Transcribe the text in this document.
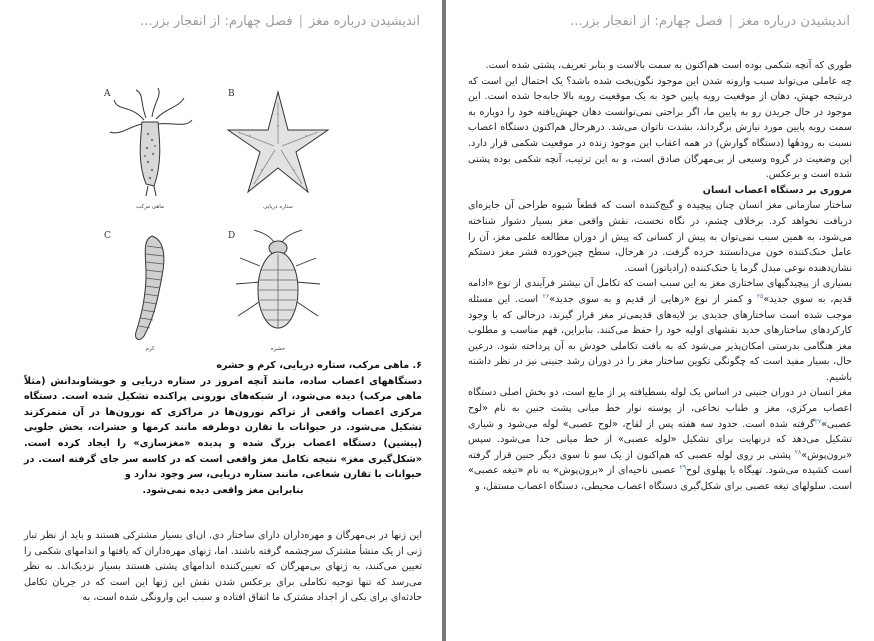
اندیشیدن درباره مغز|فصل چهارم: از انفجار بزر...
A
ماهی مرکب
B
ستاره دریایی
C
کرم
D
حشره
۶. ماهی مرکب، ستاره دریایی، کرم و حشره
دستگاههای اعصاب ساده، مانند آنچه امروز در ستاره دریایی و خویشاوندانش (مثلاً ماهی مرکب) دیده می‌شود، از شبکه‌های نورونی پراکنده تشکیل شده است. دستگاه مرکزی اعصاب واقعی از تراکم نورون‌ها در مراکزی که نورون‌ها در آن متمرکزند تشکیل می‌شود. در حیوانات با تقارن دوطرفه مانند کرمها و حشرات، بخش جلویی (پیشین) دستگاه اعصاب بزرگ شده و پدیده «مغزسازی» را ایجاد کرده است. «شکل‌گیری مغز» نتیجه تکامل مغز واقعی است که در کاسه سر جای گرفته است. در حیوانات با تقارن شعاعی، مانند ستاره دریایی، سر وجود ندارد و
بنابراین مغز واقعی دیده نمی‌شود.

این ژنها در بی‌مهرگان و مهره‌داران دارای ساختار دی. ان‌ای بسیار مشترکی هستند و باید از نظر تبار ژنی از یک منشأ مشترک سرچشمه گرفته باشند. اما، ژنهای مهره‌داران که یافتها و اندامهای شکمی را تعیین می‌کنند، به ژنهای بی‌مهرگان که تعیین‌کننده اندامهای پشتی هستند بسیار نزدیک‌اند. به نظر می‌رسد که تنها توجیه تکاملی برای برعکس شدن نقش این ژنها این است که در جریان تکامل حادثه‌ای برای یکی از اجداد مشترک ما اتفاق افتاده و سبب این وارونگی شده است، به

اندیشیدن درباره مغز|فصل چهارم: از انفجار بزر...

طوری که آنچه شکمی بوده است هم‌اکنون به سمت بالاست و بنابر تعریف، پشتی شده است.

چه عاملی می‌تواند سبب وارونه شدن این موجود نگون‌بخت شده باشد؟ یک احتمال این است که درنتیجه جهش، دهان از موقعیت رویه پایین خود به یک موقعیت رویه بالا جابه‌جا شده است. این موجود در حال جریدن رو به پایین ما، اگر براحتی نمی‌توانست دهان جهش‌یافته خود را دوباره به سمت رویه پایین مورد نیازش برگرداند، بشدت ناتوان می‌شد. درهرحال هم‌اکنون دستگاه اعصاب نسبت به رودهٔها (دستگاه گوارش) در همه اعقاب این موجود زنده در موقعیت شکمی قرار دارد. این وضعیت در گروه وسیعی از بی‌مهرگان صادق است، و به این ترتیب، آنچه شکمی بوده پشتی شده است و برعکس.

مروری بر دستگاه اعصاب انسان

ساختار سازمانی مغز انسان چنان پیچیده و گیج‌کننده است که قطعاً شیوه طراحی آن جایزه‌ای دریافت نخواهد کرد. برخلاف چشم، در نگاه نخست، نقش واقعی مغز بسیار دشوار شناخته می‌شود، به همین سبب نمی‌توان به پیش از کسانی که پیش از دوران مطالعه علمی مغز، آن را عامل خنک‌کننده خون می‌دانستند خرده گرفت. در هرحال، سطح چین‌خورده قشر مغز دستکم نشان‌دهنده نوعی مبدل گرما یا خنک‌کننده (رادیاتور) است.

بسیاری از پیچیدگیهای ساختاری مغز به این سبب است که تکامل آن بیشتر فرآیندی از نوع «ادامه قدیم، به سوی جدید»$^{۲۵}$ و کمتر از نوع «رهایی از قدیم و به سوی جدید»$^{۲۶}$ است. این مسئله موجب شده است ساختارهای جدیدی بر لایه‌های قدیمی‌تر مغز قرار گیرند، درحالی که با وجود کارکردهای ساختارهای جدید نقشهای اولیه خود را حفظ می‌کنند. بنابراین، فهم مناسب و مطلوب مغز هنگامی بدرستی امکان‌پذیر می‌شود که به بافت تکاملی خودش به آن پرداخته شود. درعین حال، بسیار مفید است که چگونگی تکوین ساختار مغز را در دوران رشد جنینی نیز در نظر داشته باشیم.

مغز انسان در دوران جنینی در اساس یک لوله بسطیافته پر از مایع است، دو بخش اصلی دستگاه اعصاب مرکزی، مغز و طناب نخاعی، از پوسته نوار خط میانی پشت جنین به نام «لوح عصبی»$^{۲۷}$گرفته شده است. حدود سه هفته پس از لقاح، «لوح عصبی» لوله می‌شود و شیاری تشکیل می‌دهد که درنهایت برای تشکیل «لوله عصبی» از خط میانی جدا می‌شود. سپس «برون‌پوش»$^{۲۸}$ پشتی بر روی لوله عصبی که هم‌اکنون از یک سو تا سوی دیگر جنین قرار گرفته است کشیده می‌شود. تهیگاه یا پهلوی لوح$^{۲۹}$ عصبی ناحیه‌ای از «برون‌پوش» به نام «تیغه عصبی» است. سلولهای تیغه عصبی برای شکل‌گیری دستگاه اعصاب محیطی، دستگاه اعصاب مستقل، و
